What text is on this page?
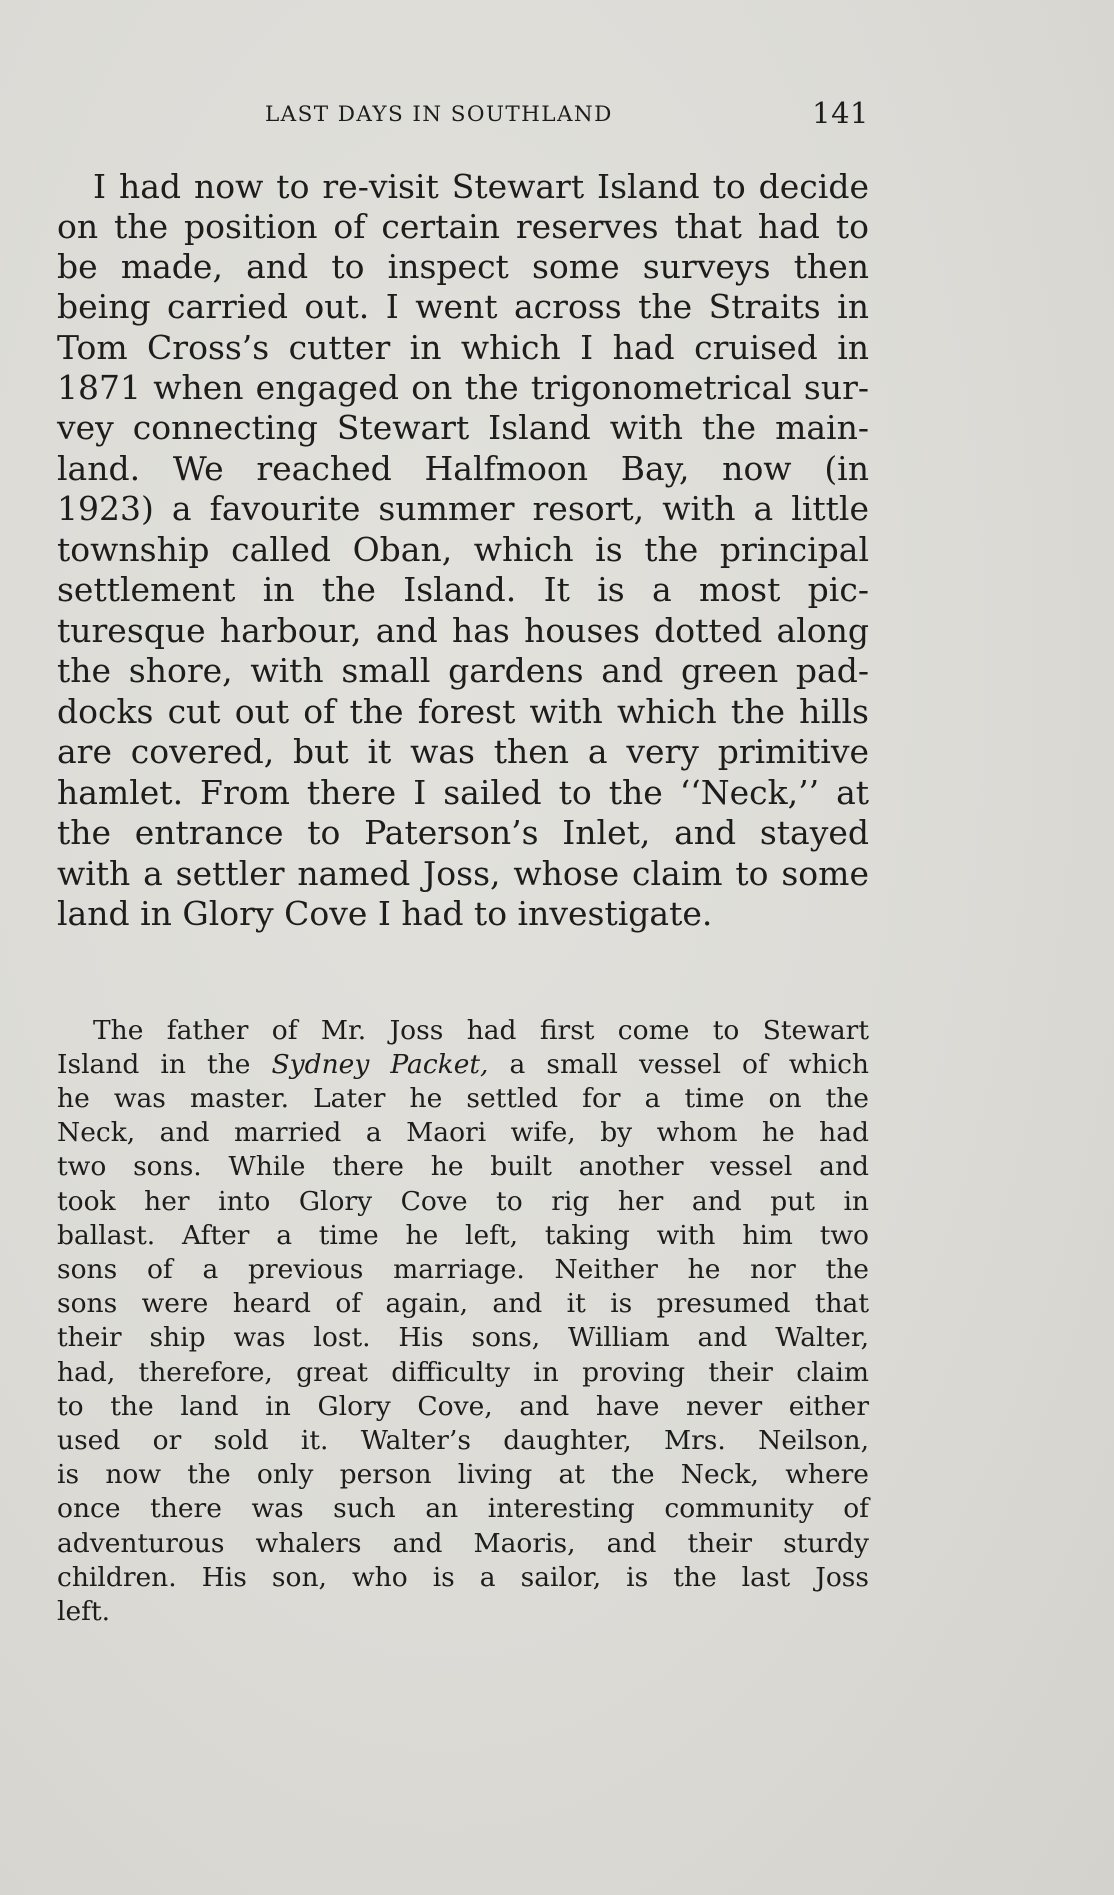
LAST DAYS IN SOUTHLAND	141
I had now to re-visit Stewart Island to decide
on the position of certain reserves that had to
be made, and to inspect some surveys then
being carried out. I went across the Straits in
Tom Cross’s cutter in which I had cruised in
1871 when engaged on the trigonometrical sur-
vey connecting Stewart Island with the main-
land. We reached Halfmoon Bay, now (in
1923) a favourite summer resort, with a little
township called Oban, which is the principal
settlement in the Island. It is a most pic-
turesque harbour, and has houses dotted along
the shore, with small gardens and green pad-
docks cut out of the forest with which the hills
are covered, but it was then a very primitive
hamlet. From there I sailed to the ‘‘Neck,’’ at
the entrance to Paterson’s Inlet, and stayed
with a settler named Joss, whose claim to some
land in Glory Cove I had to investigate.
The father of Mr. Joss had first come to Stewart
Island in the Sydney Packet, a small vessel of which
he was master. Later he settled for a time on the
Neck, and married a Maori wife, by whom he had
two sons. While there he built another vessel and
took her into Glory Cove to rig her and put in
ballast. After a time he left, taking with him two
sons of a previous marriage. Neither he nor the
sons were heard of again, and it is presumed that
their ship was lost. His sons, William and Walter,
had, therefore, great difficulty in proving their claim
to the land in Glory Cove, and have never either
used or sold it. Walter’s daughter, Mrs. Neilson,
is now the only person living at the Neck, where
once there was such an interesting community of
adventurous whalers and Maoris, and their sturdy
children. His son, who is a sailor, is the last Joss
left.
